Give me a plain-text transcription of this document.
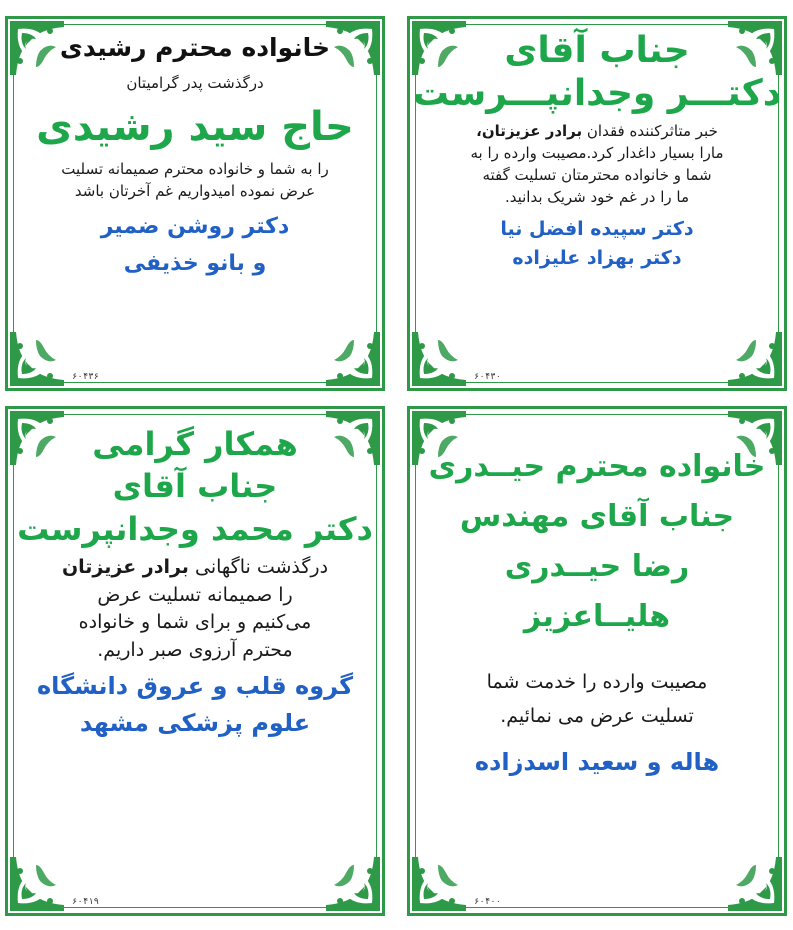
خانواده محترم رشیدی
درگذشت پدر گرامیتان
حاج سید رشیدی
را به شما و خانواده محترم صمیمانه تسلیت
عرض نموده امیدواریم غم آخرتان باشد
دکتر روشن ضمیر
و بانو خذیفی
۶۰۴۳۶
جناب آقای
دکتـــر وجدانپـــرست
خبر متاثرکننده فقدان برادر عزیزتان،
مارا بسیار داغدار کرد.مصیبت وارده را به
شما و خانواده محترمتان تسلیت گفته
ما را در غم خود شریک بدانید.
دکتر سپیده افضل نیا
دکتر بهزاد علیزاده
۶۰۴۳۰
همکار گرامی
جناب آقای
دکتر محمد وجدانپرست
درگذشت ناگهانی برادر عزیزتان
را صمیمانه تسلیت عرض
می‌کنیم و برای شما و خانواده
محترم آرزوی صبر داریم.
گروه قلب و عروق دانشگاه
علوم پزشکی مشهد
۶۰۴۱۹
خانواده محترم حیــدری
جناب آقای مهندس
رضا حیــدری
هلیــاعزیز
مصیبت وارده را خدمت شما
تسلیت عرض می نمائیم.
هاله و سعید اسدزاده
۶۰۴۰۰
